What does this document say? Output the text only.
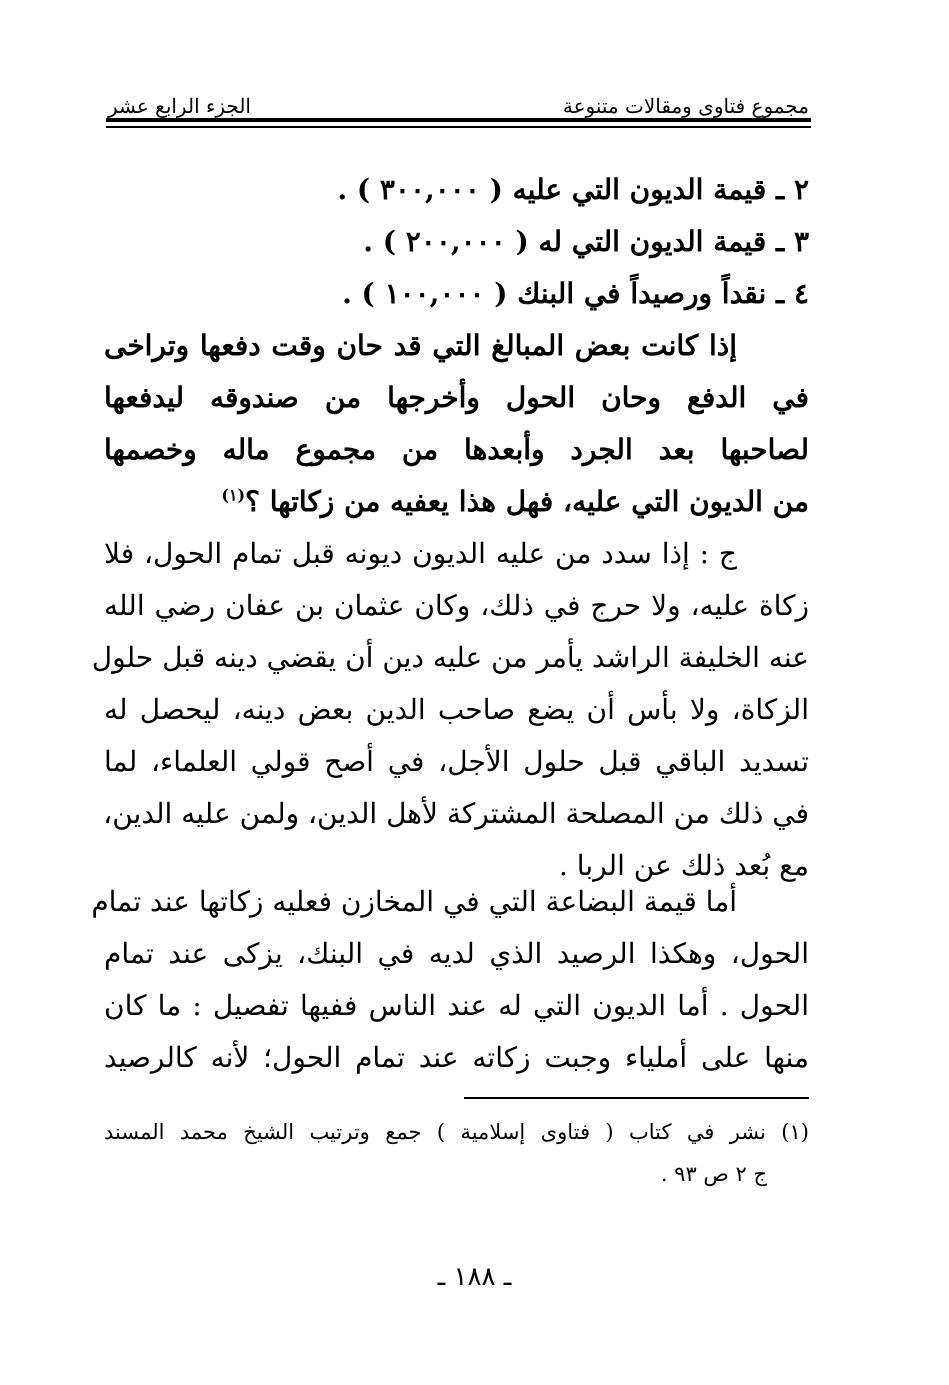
مجموع فتاوى ومقالات متنوعة
الجزء الرابع عشر
٢ ـ قيمة الديون التي عليه ( ٣٠٠,٠٠٠ ) .
٣ ـ قيمة الديون التي له ( ٢٠٠,٠٠٠ ) .
٤ ـ نقداً ورصيداً في البنك ( ١٠٠,٠٠٠ ) .
إذا كانت بعض المبالغ التي قد حان وقت دفعها وتراخى
في الدفع وحان الحول وأخرجها من صندوقه ليدفعها
لصاحبها بعد الجرد وأبعدها من مجموع ماله وخصمها
من الديون التي عليه، فهل هذا يعفيه من زكاتها ؟$^{(١)}$
ج : إذا سدد من عليه الديون ديونه قبل تمام الحول، فلا
زكاة عليه، ولا حرج في ذلك، وكان عثمان بن عفان رضي الله
عنه الخليفة الراشد يأمر من عليه دين أن يقضي دينه قبل حلول
الزكاة، ولا بأس أن يضع صاحب الدين بعض دينه، ليحصل له
تسديد الباقي قبل حلول الأجل، في أصح قولي العلماء، لما
في ذلك من المصلحة المشتركة لأهل الدين، ولمن عليه الدين،
مع بُعد ذلك عن الربا .
أما قيمة البضاعة التي في المخازن فعليه زكاتها عند تمام
الحول، وهكذا الرصيد الذي لديه في البنك، يزكى عند تمام
الحول . أما الديون التي له عند الناس ففيها تفصيل : ما كان
منها على أملياء وجبت زكاته عند تمام الحول؛ لأنه كالرصيد
(١) نشر في كتاب ( فتاوى إسلامية ) جمع وترتيب الشيخ محمد المسند
ج ٢ ص ٩٣ .
ـ ١٨٨ ـ
